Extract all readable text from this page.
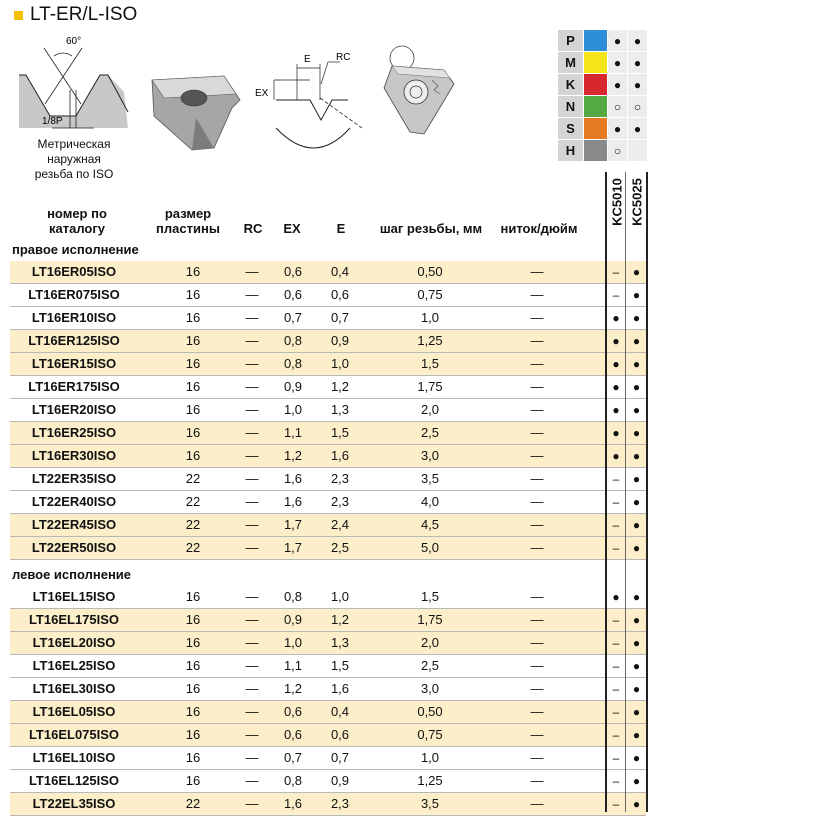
LT-ER/L-ISO
60°
1/8P
E	RC
EX
Метрическая
наружная
резьба по ISO
P	●	●
M	●	●
K	●	●
N	○	○
S	●	●
H	○
KC5010 KC5025
номер по каталогу
размер пластины	RC	EX	E	шаг резьбы, мм	ниток/дюйм
правое исполнение
LT16ER05ISO	16	—	0,6	0,4	0,50	—	–	●
LT16ER075ISO	16	—	0,6	0,6	0,75	—	–	●
LT16ER10ISO	16	—	0,7	0,7	1,0	—	●	●
LT16ER125ISO	16	—	0,8	0,9	1,25	—	●	●
LT16ER15ISO	16	—	0,8	1,0	1,5	—	●	●
LT16ER175ISO	16	—	0,9	1,2	1,75	—	●	●
LT16ER20ISO	16	—	1,0	1,3	2,0	—	●	●
LT16ER25ISO	16	—	1,1	1,5	2,5	—	●	●
LT16ER30ISO	16	—	1,2	1,6	3,0	—	●	●
LT22ER35ISO	22	—	1,6	2,3	3,5	—	–	●
LT22ER40ISO	22	—	1,6	2,3	4,0	—	–	●
LT22ER45ISO	22	—	1,7	2,4	4,5	—	–	●
LT22ER50ISO	22	—	1,7	2,5	5,0	—	–	●
левое исполнение
LT16EL15ISO	16	—	0,8	1,0	1,5	—	●	●
LT16EL175ISO	16	—	0,9	1,2	1,75	—	–	●
LT16EL20ISO	16	—	1,0	1,3	2,0	—	–	●
LT16EL25ISO	16	—	1,1	1,5	2,5	—	–	●
LT16EL30ISO	16	—	1,2	1,6	3,0	—	–	●
LT16EL05ISO	16	—	0,6	0,4	0,50	—	–	●
LT16EL075ISO	16	—	0,6	0,6	0,75	—	–	●
LT16EL10ISO	16	—	0,7	0,7	1,0	—	–	●
LT16EL125ISO	16	—	0,8	0,9	1,25	—	–	●
LT22EL35ISO	22	—	1,6	2,3	3,5	—	–	●
